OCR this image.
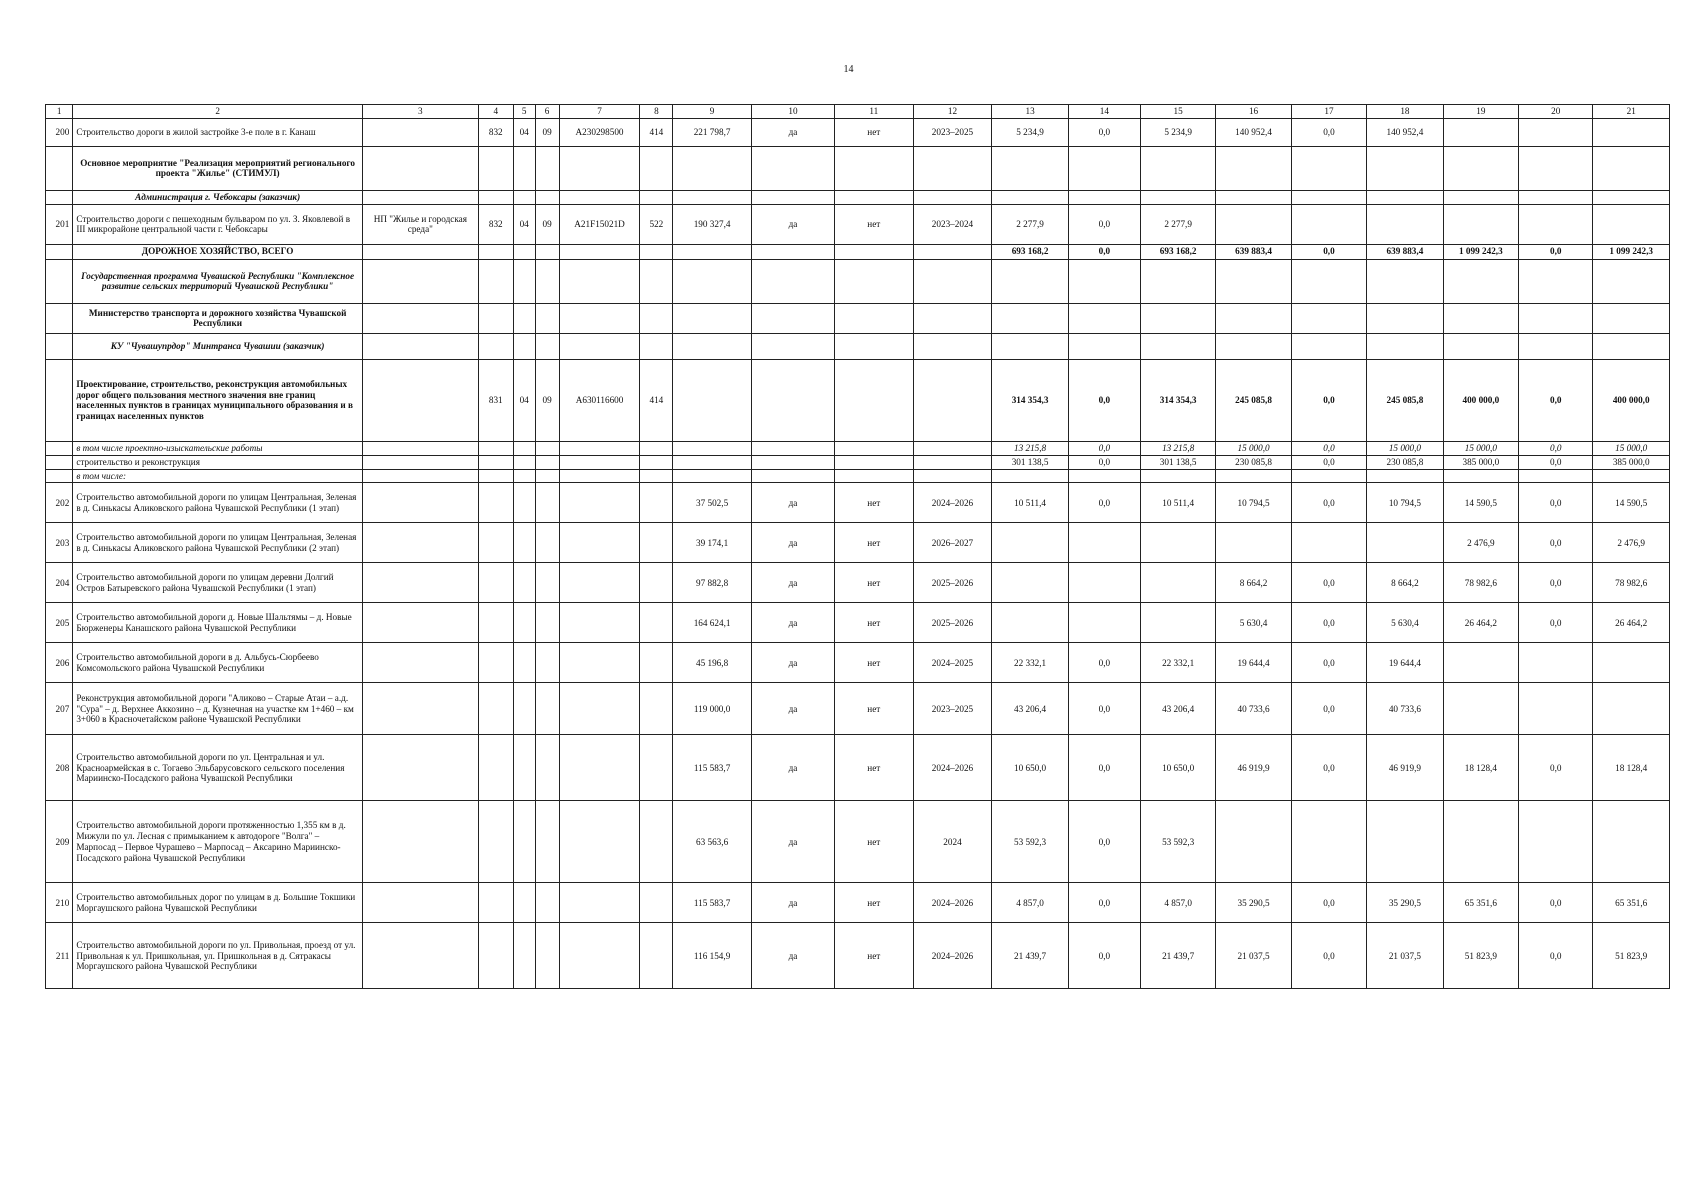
14
1	2	3	4	5	6	7	8	9	10	11	12	13	14	15	16	17	18	19	20	21
200	Строительство дороги в жилой застройке 3-е поле в г. Канаш		832	04	09	A230298500	414	221 798,7	да	нет	2023–2025	5 234,9	0,0	5 234,9	140 952,4	0,0	140 952,4			
	Основное мероприятие "Реализация мероприятий регионального проекта "Жилье" (СТИМУЛ)																			
	Администрация г. Чебоксары (заказчик)																			
201	Строительство дороги с пешеходным бульваром по ул. З. Яковлевой в III микрорайоне центральной части г. Чебоксары	НП "Жилье и городская среда"	832	04	09	A21F15021D	522	190 327,4	да	нет	2023–2024	2 277,9	0,0	2 277,9						
	ДОРОЖНОЕ ХОЗЯЙСТВО, ВСЕГО											693 168,2	0,0	693 168,2	639 883,4	0,0	639 883,4	1 099 242,3	0,0	1 099 242,3
	Государственная программа Чувашской Республики "Комплексное развитие сельских территорий Чувашской Республики"																			
	Министерство транспорта и дорожного хозяйства Чувашской Республики																			
	КУ "Чувашупрдор" Минтранса Чувашии (заказчик)																			
	Проектирование, строительство, реконструкция автомобильных дорог общего пользования местного значения вне границ населенных пунктов в границах муниципального образования и в границах населенных пунктов		831	04	09	A630116600	414					314 354,3	0,0	314 354,3	245 085,8	0,0	245 085,8	400 000,0	0,0	400 000,0
	в том числе проектно-изыскательские работы											13 215,8	0,0	13 215,8	15 000,0	0,0	15 000,0	15 000,0	0,0	15 000,0
	строительство и реконструкция											301 138,5	0,0	301 138,5	230 085,8	0,0	230 085,8	385 000,0	0,0	385 000,0
	в том числе:																			
202	Строительство автомобильной дороги по улицам Центральная, Зеленая в д. Синькасы Аликовского района Чувашской Республики (1 этап)							37 502,5	да	нет	2024–2026	10 511,4	0,0	10 511,4	10 794,5	0,0	10 794,5	14 590,5	0,0	14 590,5
203	Строительство автомобильной дороги по улицам Центральная, Зеленая в д. Синькасы Аликовского района Чувашской Республики (2 этап)							39 174,1	да	нет	2026–2027							2 476,9	0,0	2 476,9
204	Строительство автомобильной дороги по улицам деревни Долгий Остров Батыревского района Чувашской Республики (1 этап)							97 882,8	да	нет	2025–2026				8 664,2	0,0	8 664,2	78 982,6	0,0	78 982,6
205	Строительство автомобильной дороги д. Новые Шальтямы – д. Новые Бюрженеры Канашского района Чувашской Республики							164 624,1	да	нет	2025–2026				5 630,4	0,0	5 630,4	26 464,2	0,0	26 464,2
206	Строительство автомобильной дороги в д. Альбусь-Сюрбеево Комсомольского района Чувашской Республики							45 196,8	да	нет	2024–2025	22 332,1	0,0	22 332,1	19 644,4	0,0	19 644,4			
207	Реконструкция автомобильной дороги "Аликово – Старые Атаи – а.д. "Сура" – д. Верхнее Аккозино – д. Кузнечная на участке км 1+460 – км 3+060 в Красночетайском районе Чувашской Республики							119 000,0	да	нет	2023–2025	43 206,4	0,0	43 206,4	40 733,6	0,0	40 733,6			
208	Строительство автомобильной дороги по ул. Центральная и ул. Красноармейская в с. Тогаево Эльбарусовского сельского поселения Мариинско-Посадского района Чувашской Республики							115 583,7	да	нет	2024–2026	10 650,0	0,0	10 650,0	46 919,9	0,0	46 919,9	18 128,4	0,0	18 128,4
209	Строительство автомобильной дороги протяженностью 1,355 км в д. Мижули по ул. Лесная с примыканием к автодороге "Волга" – Марпосад – Первое Чурашево – Марпосад – Аксарино Мариинско-Посадского района Чувашской Республики							63 563,6	да	нет	2024	53 592,3	0,0	53 592,3						
210	Строительство автомобильных дорог по улицам в д. Большие Токшики Моргаушского района Чувашской Республики							115 583,7	да	нет	2024–2026	4 857,0	0,0	4 857,0	35 290,5	0,0	35 290,5	65 351,6	0,0	65 351,6
211	Строительство автомобильной дороги по ул. Привольная, проезд от ул. Привольная к ул. Пришкольная, ул. Пришкольная в д. Сятракасы Моргаушского района Чувашской Республики							116 154,9	да	нет	2024–2026	21 439,7	0,0	21 439,7	21 037,5	0,0	21 037,5	51 823,9	0,0	51 823,9
